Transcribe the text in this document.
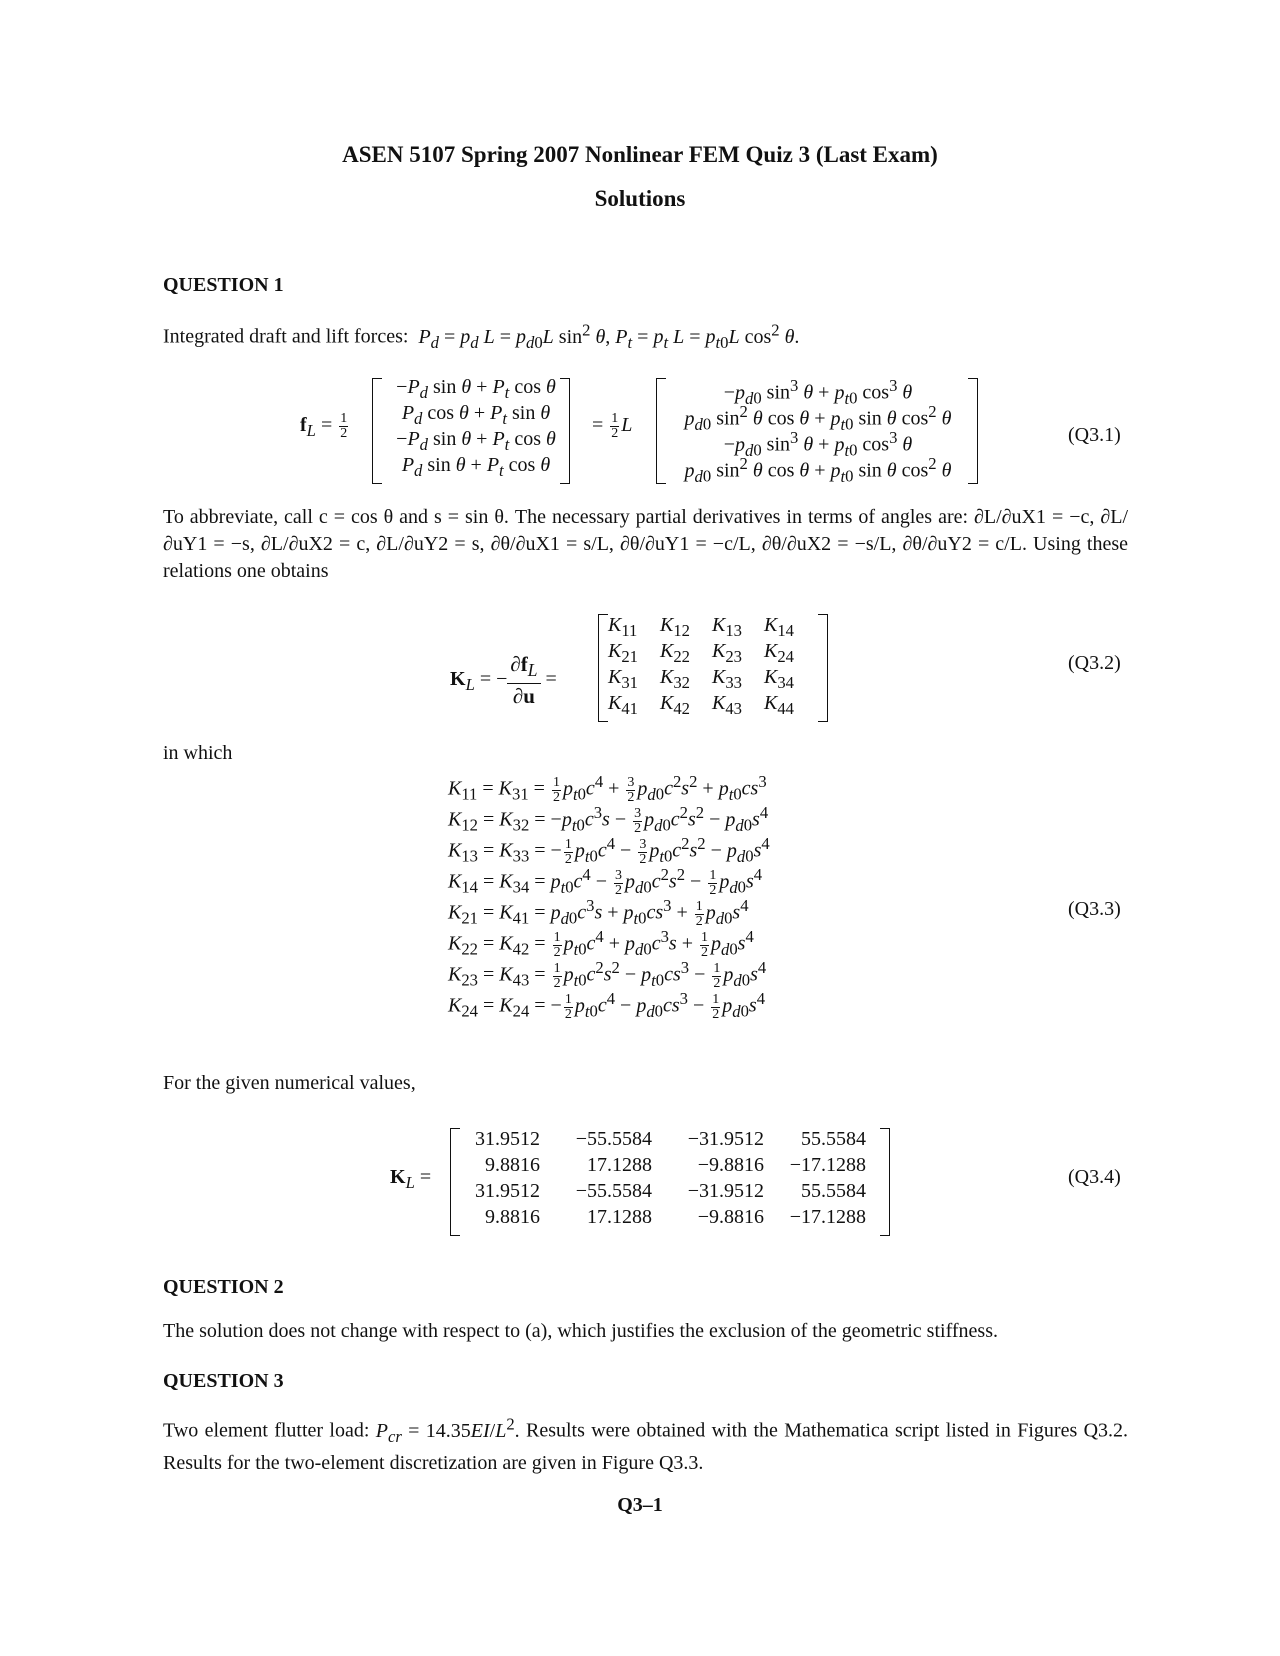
ASEN 5107 Spring 2007 Nonlinear FEM Quiz 3 (Last Exam)
Solutions
QUESTION 1
Integrated draft and lift forces: $P_d = p_d$ $L = p_{d0}L$ $\sin^2 \theta$, $P_t = p_t$ $L = p_{t0}L$ $\cos^2 \theta$.
$f_L = \frac{1}{2}$
$-P_d$ $\sin \theta + P_t$ cos θ
$P_d$ $\cos \theta + P_t$ sin θ
$-P_d$ $\sin \theta + P_t$ cos θ
$P_d$ $\sin \theta + P_t$ cos θ
= $\frac{1}{2}$ L
$-p_{d0}$ $\sin^3 \theta + p_{t0}$ $\cos^3 \theta$
$p_{d0}$ $\sin^2 \theta$ $\cos \theta + p_{t0}$ sin θ $\cos^2 \theta$
$-p_{d0}$ $\sin^3 \theta + p_{t0}$ $\cos^3 \theta$
$p_{d0}$ $\sin^2 \theta$ $\cos \theta + p_{t0}$ sin θ $\cos^2 \theta$
(Q3.1)
To abbreviate, call c = cos θ and s = sin θ. The necessary partial derivatives in terms of angles are: ∂L/∂uX1 = −c, ∂L/∂uY1 = −s, ∂L/∂uX2 = c, ∂L/∂uY2 = s, ∂θ/∂uX1 = s/L, ∂θ/∂uY1 = −c/L, ∂θ/∂uX2 = −s/L, ∂θ/∂uY2 = c/L. Using these relations one obtains
$K_L$ = − $\frac{\partial f_L}{\partial u}$ =
$K_{11}$ $K_{12}$ $K_{13}$ $K_{14}$
$K_{21}$ $K_{22}$ $K_{23}$ $K_{24}$
$K_{31}$ $K_{32}$ $K_{33}$ $K_{34}$
$K_{41}$ $K_{42}$ $K_{43}$ $K_{44}$
(Q3.2)
in which
$K_{11} = K_{31} = \frac{1}{2} p_{t0}c^4 + \frac{3}{2} p_{d0}c^2s^2 + p_{t0}cs^3$
$K_{12} = K_{32} = -p_{t0}c^3s - \frac{3}{2} p_{d0}c^2s^2 - p_{d0}s^4$
$K_{13} = K_{33}$ = − $\frac{1}{2} p_{t0}c^4 - \frac{3}{2} p_{t0}c^2s^2 - p_{d0}s^4$
$K_{14} = K_{34} = p_{t0}c^4 - \frac{3}{2} p_{d0}c^2s^2 - \frac{1}{2} p_{d0}s^4$
$K_{21} = K_{41} = p_{d0}c^3s + p_{t0}cs^3 + \frac{1}{2} p_{d0}s^4$
$K_{22} = K_{42} = \frac{1}{2} p_{t0}c^4 + p_{d0}c^3s + \frac{1}{2} p_{d0}s^4$
$K_{23} = K_{43} = \frac{1}{2} p_{t0}c^2s^2 - p_{t0}cs^3 - \frac{1}{2} p_{d0}s^4$
$K_{24} = K_{24}$ = − $\frac{1}{2} p_{t0}c^4 - p_{d0}cs^3 - \frac{1}{2} p_{d0}s^4$
(Q3.3)
For the given numerical values,
$K_L$ =
31.9512	−55.5584	−31.9512	55.5584
9.8816	17.1288	−9.8816	−17.1288
31.9512	−55.5584	−31.9512	55.5584
9.8816	17.1288	−9.8816	−17.1288
(Q3.4)
QUESTION 2
The solution does not change with respect to (a), which justifies the exclusion of the geometric stiffness.
QUESTION 3
Two element flutter load: $P_{cr} = 14.35EI/L^2$. Results were obtained with the Mathematica script listed in Figures Q3.2. Results for the two-element discretization are given in Figure Q3.3.
Q3–1
